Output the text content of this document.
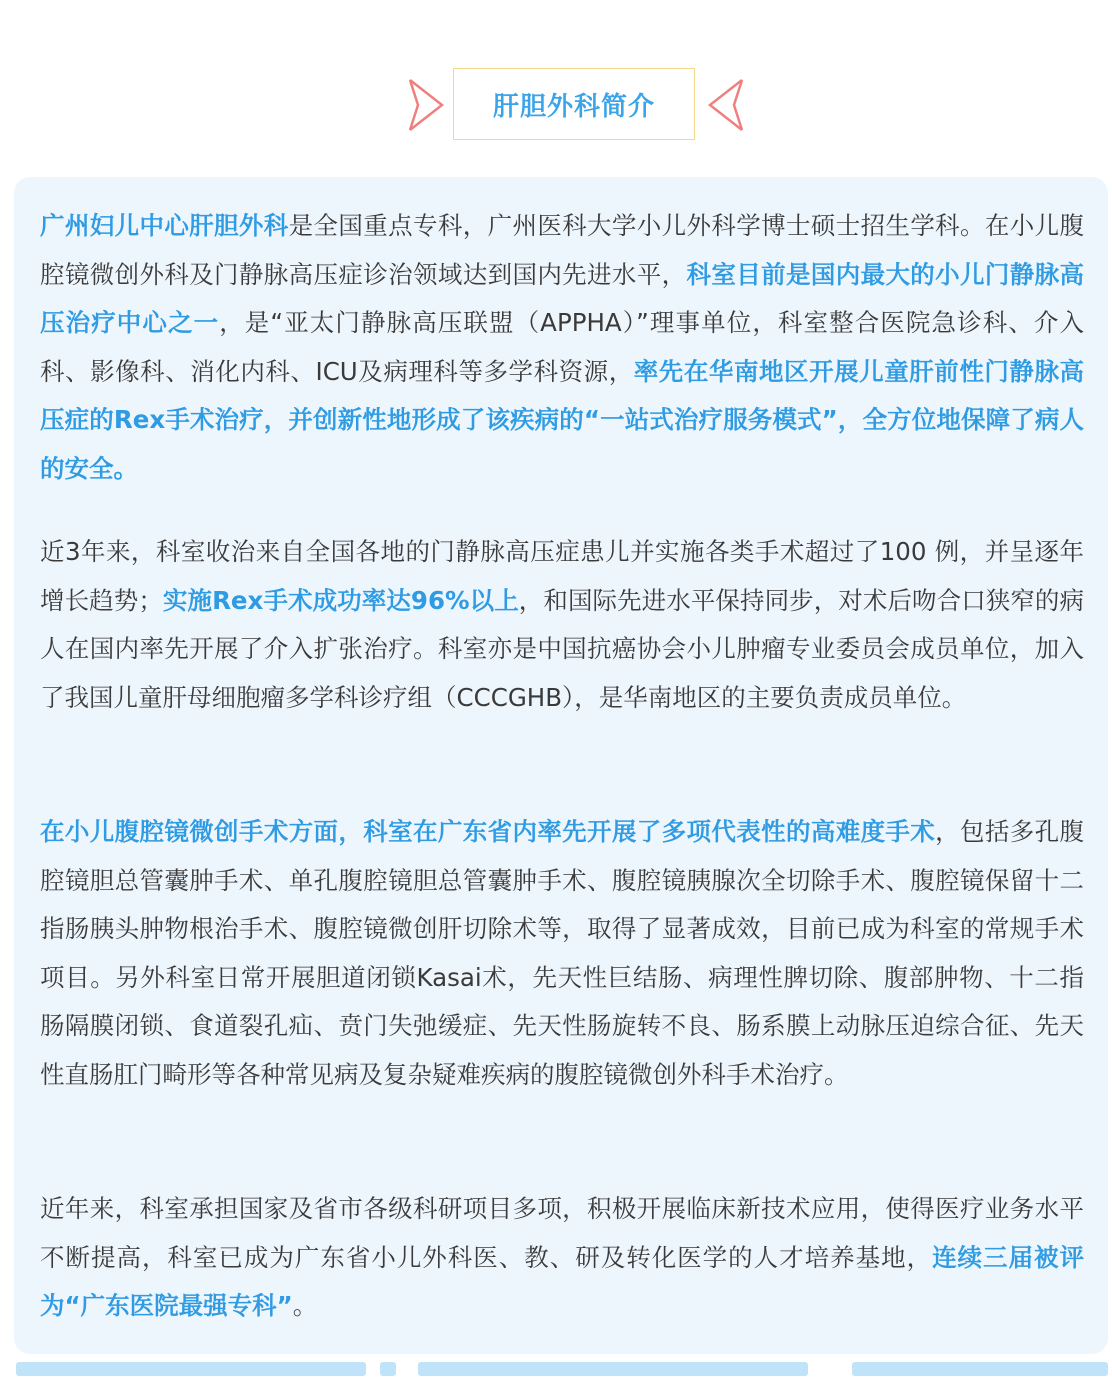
肝胆外科简介

广州妇儿中心肝胆外科是全国重点专科，广州医科大学小儿外科学博士硕士招生学科。在小儿腹腔镜微创外科及门静脉高压症诊治领域达到国内先进水平，科室目前是国内最大的小儿门静脉高压治疗中心之一，是“亚太门静脉高压联盟（APPHA）”理事单位，科室整合医院急诊科、介入科、影像科、消化内科、ICU及病理科等多学科资源，率先在华南地区开展儿童肝前性门静脉高压症的Rex手术治疗，并创新性地形成了该疾病的“一站式治疗服务模式”，全方位地保障了病人的安全。

近3年来，科室收治来自全国各地的门静脉高压症患儿并实施各类手术超过了100 例，并呈逐年增长趋势；实施Rex手术成功率达96%以上，和国际先进水平保持同步，对术后吻合口狭窄的病人在国内率先开展了介入扩张治疗。科室亦是中国抗癌协会小儿肿瘤专业委员会成员单位，加入了我国儿童肝母细胞瘤多学科诊疗组（CCCGHB），是华南地区的主要负责成员单位。

在小儿腹腔镜微创手术方面，科室在广东省内率先开展了多项代表性的高难度手术，包括多孔腹腔镜胆总管囊肿手术、单孔腹腔镜胆总管囊肿手术、腹腔镜胰腺次全切除手术、腹腔镜保留十二指肠胰头肿物根治手术、腹腔镜微创肝切除术等，取得了显著成效，目前已成为科室的常规手术项目。另外科室日常开展胆道闭锁Kasai术，先天性巨结肠、病理性脾切除、腹部肿物、十二指肠隔膜闭锁、食道裂孔疝、贲门失弛缓症、先天性肠旋转不良、肠系膜上动脉压迫综合征、先天性直肠肛门畸形等各种常见病及复杂疑难疾病的腹腔镜微创外科手术治疗。

近年来，科室承担国家及省市各级科研项目多项，积极开展临床新技术应用，使得医疗业务水平不断提高，科室已成为广东省小儿外科医、教、研及转化医学的人才培养基地，连续三届被评为“广东医院最强专科”。
